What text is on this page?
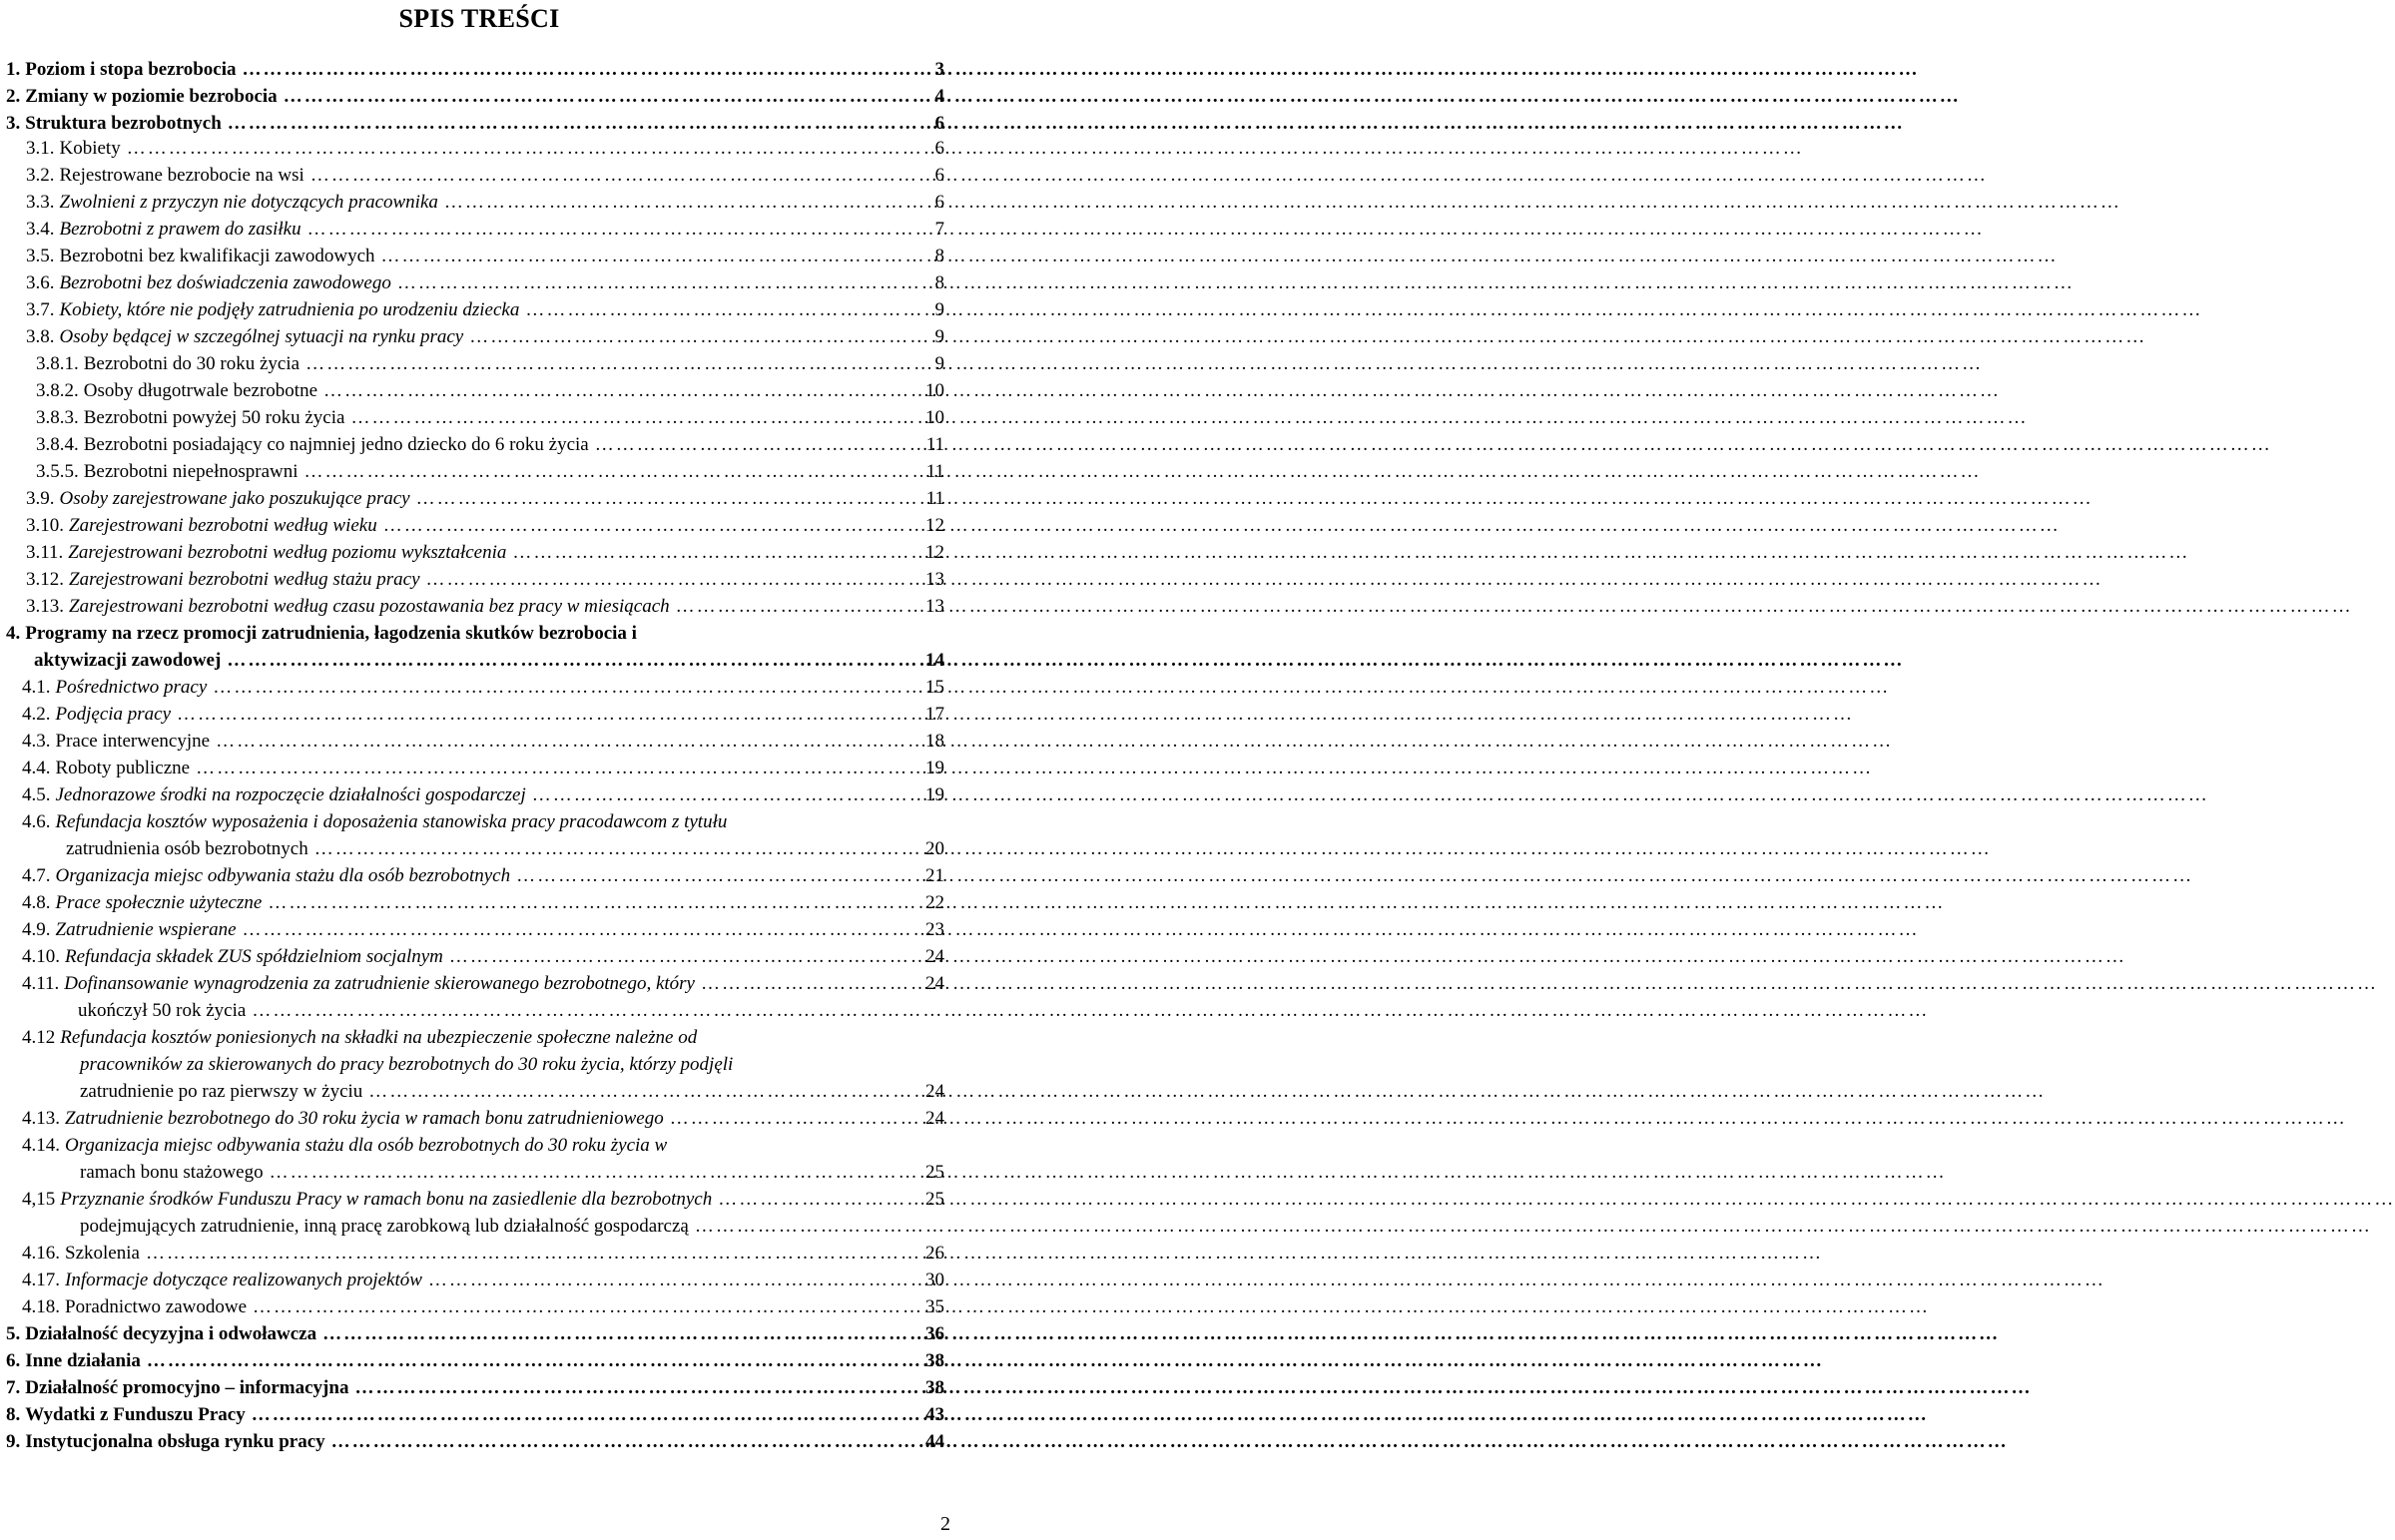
SPIS TREŚCI
1. Poziom i stopa bezrobocia ……………………………………………………………………………………………………………………………………………………………………………………………………………………	3
2. Zmiany w poziomie bezrobocia ……………………………………………………………………………………………………………………………………………………………………………………………………………………	4
3. Struktura bezrobotnych ……………………………………………………………………………………………………………………………………………………………………………………………………………………	6
3.1. Kobiety ……………………………………………………………………………………………………………………………………………………………………………………………………………………	6
3.2. Rejestrowane bezrobocie na wsi ……………………………………………………………………………………………………………………………………………………………………………………………………………………	6
3.3. Zwolnieni z przyczyn nie dotyczących pracownika ……………………………………………………………………………………………………………………………………………………………………………………………………………………	6
3.4. Bezrobotni z prawem do zasiłku ……………………………………………………………………………………………………………………………………………………………………………………………………………………	7
3.5. Bezrobotni bez kwalifikacji zawodowych ……………………………………………………………………………………………………………………………………………………………………………………………………………………	8
3.6. Bezrobotni bez doświadczenia zawodowego ……………………………………………………………………………………………………………………………………………………………………………………………………………………	8
3.7. Kobiety, które nie podjęły zatrudnienia po urodzeniu dziecka ……………………………………………………………………………………………………………………………………………………………………………………………………………………	9
3.8. Osoby będącej w szczególnej sytuacji na rynku pracy ……………………………………………………………………………………………………………………………………………………………………………………………………………………	9
3.8.1. Bezrobotni do 30 roku życia ……………………………………………………………………………………………………………………………………………………………………………………………………………………	9
3.8.2. Osoby długotrwale bezrobotne ……………………………………………………………………………………………………………………………………………………………………………………………………………………	10
3.8.3. Bezrobotni powyżej 50 roku życia ……………………………………………………………………………………………………………………………………………………………………………………………………………………	10
3.8.4. Bezrobotni posiadający co najmniej jedno dziecko do 6 roku życia ……………………………………………………………………………………………………………………………………………………………………………………………………………………	11
3.5.5. Bezrobotni niepełnosprawni ……………………………………………………………………………………………………………………………………………………………………………………………………………………	11
3.9. Osoby zarejestrowane jako poszukujące pracy ……………………………………………………………………………………………………………………………………………………………………………………………………………………	11
3.10. Zarejestrowani bezrobotni według wieku ……………………………………………………………………………………………………………………………………………………………………………………………………………………	12
3.11. Zarejestrowani bezrobotni według poziomu wykształcenia ……………………………………………………………………………………………………………………………………………………………………………………………………………………	12
3.12. Zarejestrowani bezrobotni według stażu pracy ……………………………………………………………………………………………………………………………………………………………………………………………………………………	13
3.13. Zarejestrowani bezrobotni według czasu pozostawania bez pracy w miesiącach ……………………………………………………………………………………………………………………………………………………………………………………………………………………	13
4. Programy na rzecz promocji zatrudnienia, łagodzenia skutków bezrobocia i
aktywizacji zawodowej ……………………………………………………………………………………………………………………………………………………………………………………………………………………	14
4.1. Pośrednictwo pracy ……………………………………………………………………………………………………………………………………………………………………………………………………………………	15
4.2. Podjęcia pracy ……………………………………………………………………………………………………………………………………………………………………………………………………………………	17
4.3. Prace interwencyjne ……………………………………………………………………………………………………………………………………………………………………………………………………………………	18
4.4. Roboty publiczne ……………………………………………………………………………………………………………………………………………………………………………………………………………………	19
4.5. Jednorazowe środki na rozpoczęcie działalności gospodarczej ……………………………………………………………………………………………………………………………………………………………………………………………………………………	19
4.6. Refundacja kosztów wyposażenia i doposażenia stanowiska pracy pracodawcom z tytułu
zatrudnienia osób bezrobotnych ……………………………………………………………………………………………………………………………………………………………………………………………………………………	20
4.7. Organizacja miejsc odbywania stażu dla osób bezrobotnych ……………………………………………………………………………………………………………………………………………………………………………………………………………………	21
4.8. Prace społecznie użyteczne ……………………………………………………………………………………………………………………………………………………………………………………………………………………	22
4.9. Zatrudnienie wspierane ……………………………………………………………………………………………………………………………………………………………………………………………………………………	23
4.10. Refundacja składek ZUS spółdzielniom socjalnym ……………………………………………………………………………………………………………………………………………………………………………………………………………………	24
4.11. Dofinansowanie wynagrodzenia za zatrudnienie skierowanego bezrobotnego, który ……………………………………………………………………………………………………………………………………………………………………………………………………………………	24
ukończył 50 rok życia
……………………………………………………………………………………………………………………………………………………………………………………………………………………
4.12 Refundacja kosztów poniesionych na składki na ubezpieczenie społeczne należne od
pracowników za skierowanych do pracy bezrobotnych do 30 roku życia, którzy podjęli
zatrudnienie po raz pierwszy w życiu ……………………………………………………………………………………………………………………………………………………………………………………………………………………	24
4.13. Zatrudnienie bezrobotnego do 30 roku życia w ramach bonu zatrudnieniowego ……………………………………………………………………………………………………………………………………………………………………………………………………………………	24
4.14. Organizacja miejsc odbywania stażu dla osób bezrobotnych do 30 roku życia w
ramach bonu stażowego ……………………………………………………………………………………………………………………………………………………………………………………………………………………	25
4,15 Przyznanie środków Funduszu Pracy w ramach bonu na zasiedlenie dla bezrobotnych ……………………………………………………………………………………………………………………………………………………………………………………………………………………	25
podejmujących zatrudnienie, inną pracę zarobkową lub działalność gospodarczą
……………………………………………………………………………………………………………………………………………………………………………………………………………………
4.16. Szkolenia ……………………………………………………………………………………………………………………………………………………………………………………………………………………	26
4.17. Informacje dotyczące realizowanych projektów ……………………………………………………………………………………………………………………………………………………………………………………………………………………	30
4.18. Poradnictwo zawodowe ……………………………………………………………………………………………………………………………………………………………………………………………………………………	35
5. Działalność decyzyjna i odwoławcza ……………………………………………………………………………………………………………………………………………………………………………………………………………………	36
6. Inne działania ……………………………………………………………………………………………………………………………………………………………………………………………………………………	38
7. Działalność promocyjno – informacyjna ……………………………………………………………………………………………………………………………………………………………………………………………………………………	38
8. Wydatki z Funduszu Pracy ……………………………………………………………………………………………………………………………………………………………………………………………………………………	43
9. Instytucjonalna obsługa rynku pracy ……………………………………………………………………………………………………………………………………………………………………………………………………………………	44
2
